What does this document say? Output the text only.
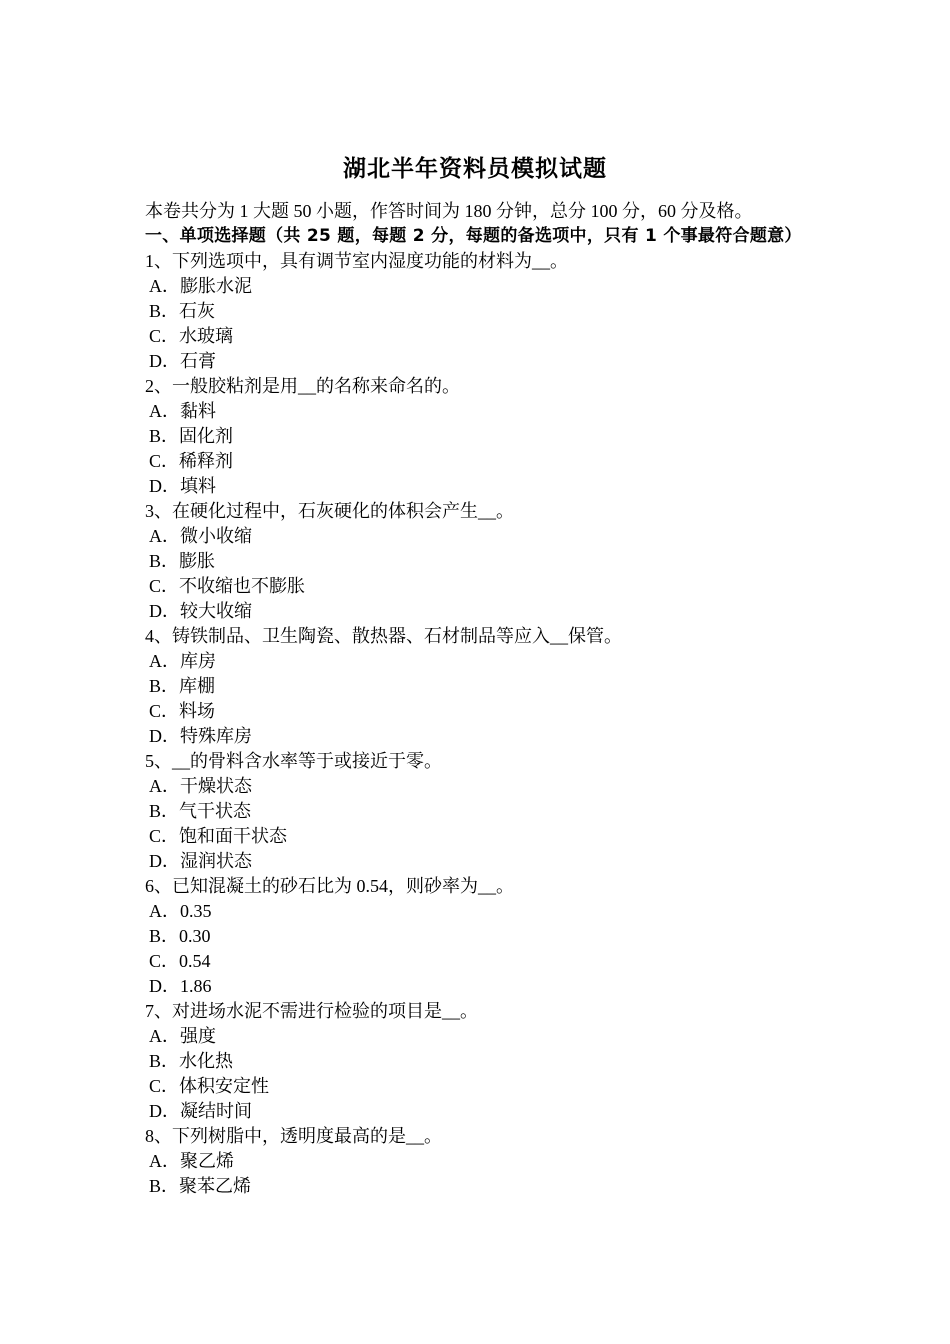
湖北半年资料员模拟试题
本卷共分为 1 大题 50 小题，作答时间为 180 分钟，总分 100 分，60 分及格。
一、单项选择题（共 25 题，每题 2 分，每题的备选项中，只有 1 个事最符合题意）
1、下列选项中，具有调节室内湿度功能的材料为__。
A．膨胀水泥
B．石灰
C．水玻璃
D．石膏
2、一般胶粘剂是用__的名称来命名的。
A．黏料
B．固化剂
C．稀释剂
D．填料
3、在硬化过程中，石灰硬化的体积会产生__。
A．微小收缩
B．膨胀
C．不收缩也不膨胀
D．较大收缩
4、铸铁制品、卫生陶瓷、散热器、石材制品等应入__保管。
A．库房
B．库棚
C．料场
D．特殊库房
5、__的骨料含水率等于或接近于零。
A．干燥状态
B．气干状态
C．饱和面干状态
D．湿润状态
6、已知混凝土的砂石比为 0.54，则砂率为__。
A．0.35
B．0.30
C．0.54
D．1.86
7、对进场水泥不需进行检验的项目是__。
A．强度
B．水化热
C．体积安定性
D．凝结时间
8、下列树脂中，透明度最高的是__。
A．聚乙烯
B．聚苯乙烯
